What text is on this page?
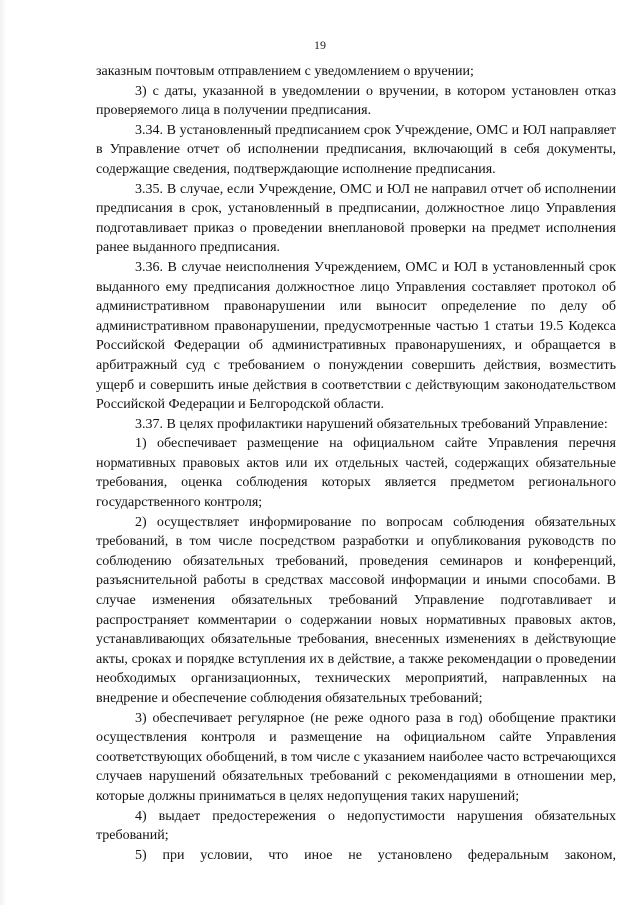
19

заказным почтовым отправлением с уведомлением о вручении;

3) с даты, указанной в уведомлении о вручении, в котором установлен отказ проверяемого лица в получении предписания.

3.34. В установленный предписанием срок Учреждение, ОМС и ЮЛ направляет в Управление отчет об исполнении предписания, включающий в себя документы, содержащие сведения, подтверждающие исполнение предписания.

3.35. В случае, если Учреждение, ОМС и ЮЛ не направил отчет об исполнении предписания в срок, установленный в предписании, должностное лицо Управления подготавливает приказ о проведении внеплановой проверки на предмет исполнения ранее выданного предписания.

3.36. В случае неисполнения Учреждением, ОМС и ЮЛ в установленный срок выданного ему предписания должностное лицо Управления составляет протокол об административном правонарушении или выносит определение по делу об административном правонарушении, предусмотренные частью 1 статьи 19.5 Кодекса Российской Федерации об административных правонарушениях, и обращается в арбитражный суд с требованием о понуждении совершить действия, возместить ущерб и совершить иные действия в соответствии с действующим законодательством Российской Федерации и Белгородской области.

3.37. В целях профилактики нарушений обязательных требований Управление:

1) обеспечивает размещение на официальном сайте Управления перечня нормативных правовых актов или их отдельных частей, содержащих обязательные требования, оценка соблюдения которых является предметом регионального государственного контроля;

2) осуществляет информирование по вопросам соблюдения обязательных требований, в том числе посредством разработки и опубликования руководств по соблюдению обязательных требований, проведения семинаров и конференций, разъяснительной работы в средствах массовой информации и иными способами. В случае изменения обязательных требований Управление подготавливает и распространяет комментарии о содержании новых нормативных правовых актов, устанавливающих обязательные требования, внесенных изменениях в действующие акты, сроках и порядке вступления их в действие, а также рекомендации о проведении необходимых организационных, технических мероприятий, направленных на внедрение и обеспечение соблюдения обязательных требований;

3) обеспечивает регулярное (не реже одного раза в год) обобщение практики осуществления контроля и размещение на официальном сайте Управления соответствующих обобщений, в том числе с указанием наиболее часто встречающихся случаев нарушений обязательных требований с рекомендациями в отношении мер, которые должны приниматься в целях недопущения таких нарушений;

4) выдает предостережения о недопустимости нарушения обязательных требований;

5) при условии, что иное не установлено федеральным законом,
